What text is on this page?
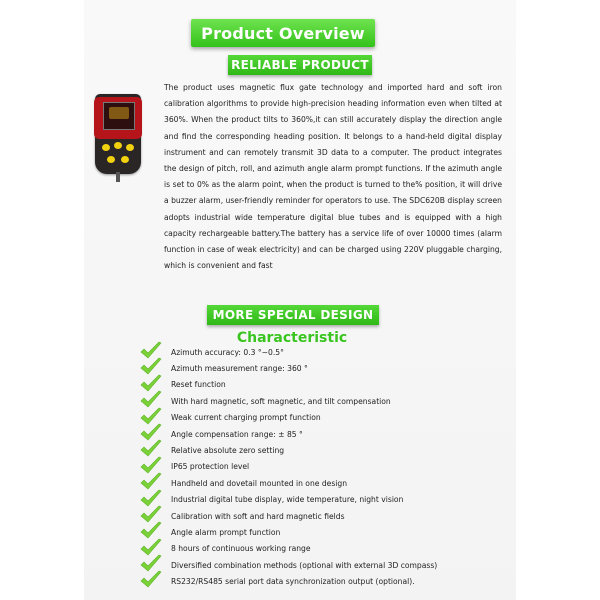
Product Overview
RELIABLE PRODUCT

The product uses magnetic flux gate technology and imported hard and soft iron calibration algorithms to provide high-precision heading information even when tilted at 360%. When the product tilts to 360%,it can still accurately display the direction angle and find the corresponding heading position. It belongs to a hand-held digital display instrument and can remotely transmit 3D data to a computer. The product integrates the design of pitch, roll, and azimuth angle alarm prompt functions. If the azimuth angle is set to 0% as the alarm point, when the product is turned to the% position, it will drive a buzzer alarm, user-friendly reminder for operators to use. The SDC620B display screen adopts industrial wide temperature digital blue tubes and is equipped with a high capacity rechargeable battery.The battery has a service life of over 10000 times (alarm function in case of weak electricity) and can be charged using 220V pluggable charging, which is convenient and fast

MORE SPECIAL DESIGN
Characteristic
Azimuth accuracy: 0.3 °~0.5°
Azimuth measurement range: 360 °
Reset function
With hard magnetic, soft magnetic, and tilt compensation
Weak current charging prompt function
Angle compensation range: ± 85 °
Relative absolute zero setting
IP65 protection level
Handheld and dovetail mounted in one design
Industrial digital tube display, wide temperature, night vision
Calibration with soft and hard magnetic fields
Angle alarm prompt function
8 hours of continuous working range
Diversified combination methods (optional with external 3D compass)
RS232/RS485 serial port data synchronization output (optional).
